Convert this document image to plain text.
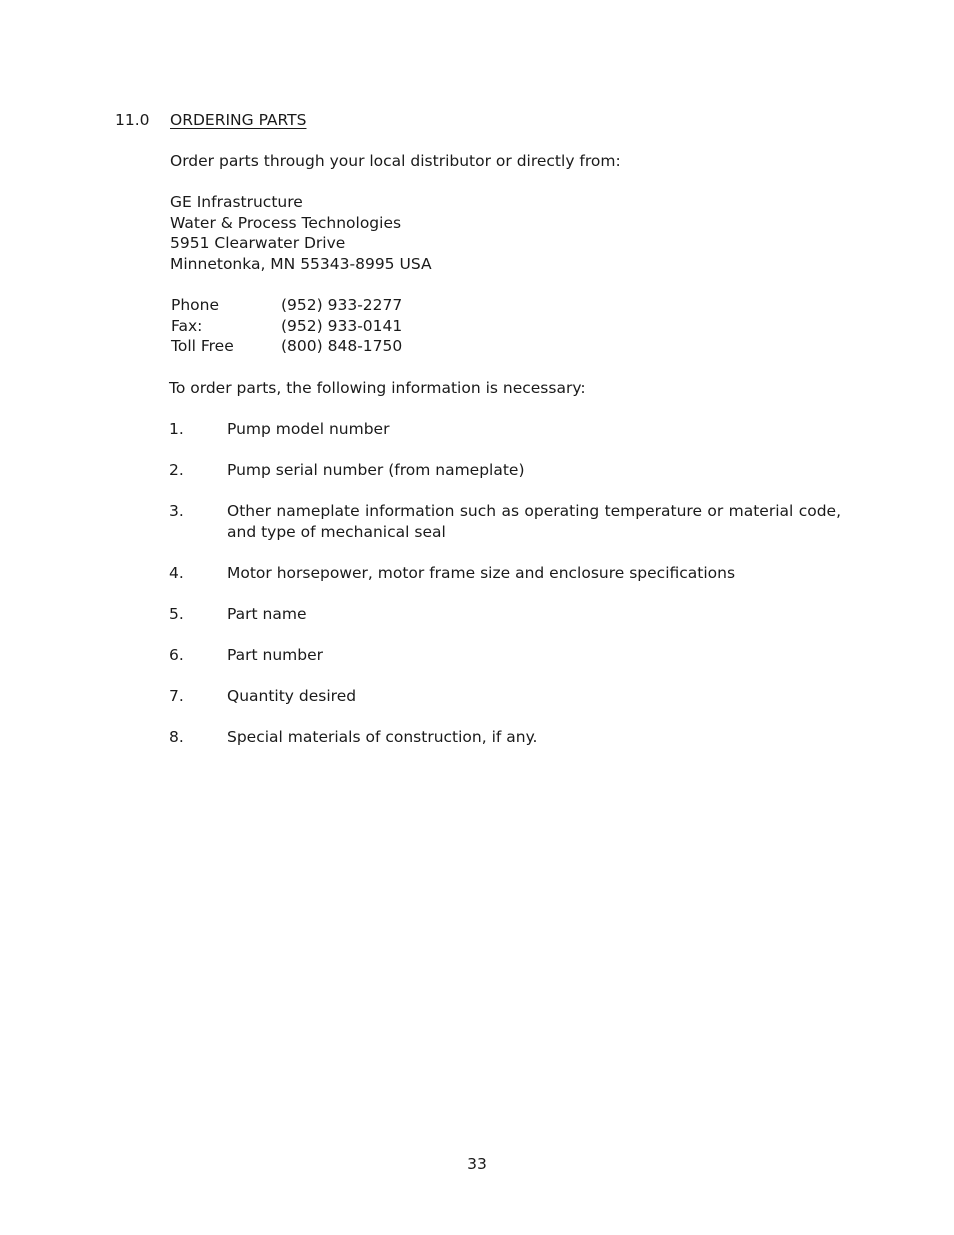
11.0 ORDERING PARTS
Order parts through your local distributor or directly from:
GE Infrastructure
Water & Process Technologies
5951 Clearwater Drive
Minnetonka, MN 55343-8995 USA
Phone	(952) 933-2277
Fax:	(952) 933-0141
Toll Free	(800) 848-1750
To order parts, the following information is necessary:
1.	Pump model number
2.	Pump serial number (from nameplate)
3.	Other nameplate information such as operating temperature or material code, and type of mechanical seal
4.	Motor horsepower, motor frame size and enclosure specifications
5.	Part name
6.	Part number
7.	Quantity desired
8.	Special materials of construction, if any.
33
